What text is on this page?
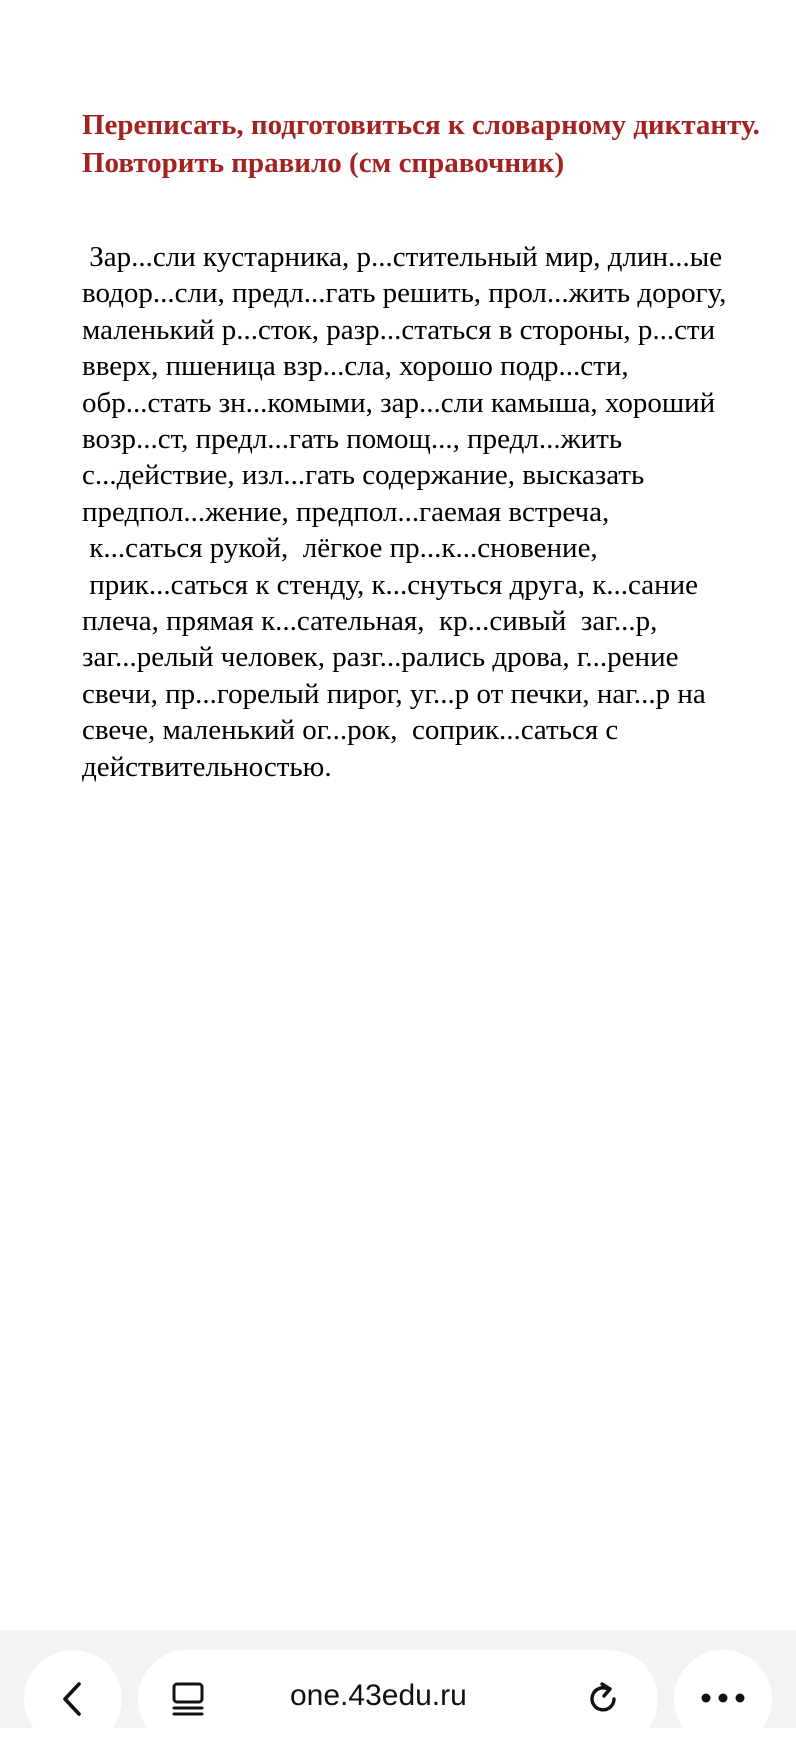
Переписать, подготовиться к словарному диктанту. Повторить правило (см справочник)

Зар...сли кустарника, р...стительный мир, длин...ые
водор...сли, предл...гать решить, прол...жить дорогу,
маленький р...сток, разр...статься в стороны, р...сти
вверх, пшеница взр...сла, хорошо подр...сти,
обр...стать зн...комыми, зар...сли камыша, хороший
возр...ст, предл...гать помощ..., предл...жить
с...действие, изл...гать содержание, высказать
предпол...жение, предпол...гаемая встреча,
к...саться рукой,  лёгкое пр...к...сновение,
прик...саться к стенду, к...снуться друга, к...сание
плеча, прямая к...сательная,  кр...сивый  заг...р,
заг...релый человек, разг...рались дрова, г...рение
свечи, пр...горелый пирог, уг...р от печки, наг...р на
свече, маленький ог...рок,  соприк...саться с
действительностью.

one.43edu.ru
